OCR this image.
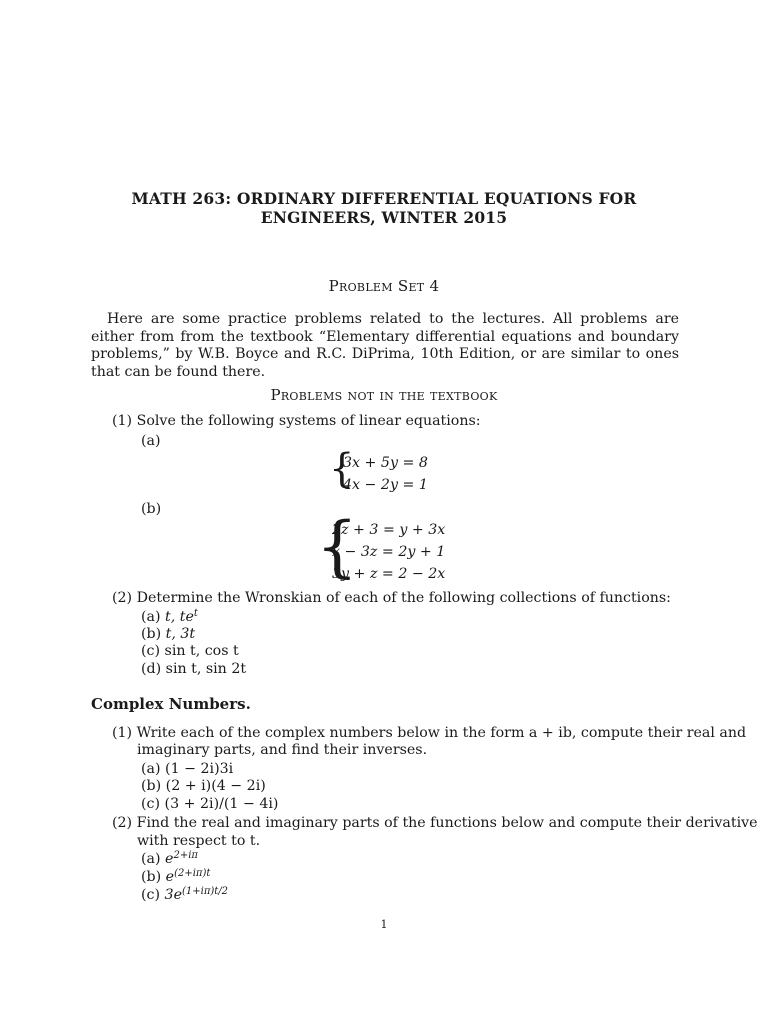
MATH 263: ORDINARY DIFFERENTIAL EQUATIONS FOR
ENGINEERS, WINTER 2015
Problem Set 4
Here are some practice problems related to the lectures. All problems are either from from the textbook “Elementary differential equations and boundary problems,” by W.B. Boyce and R.C. DiPrima, 10th Edition, or are similar to ones that can be found there.
Problems not in the textbook
(1) Solve the following systems of linear equations:
(a)
{
3x + 5y = 8
4x − 2y = 1
(b) {
2z + 3 = y + 3x
x − 3z = 2y + 1
3y + z = 2 − 2x
(2) Determine the Wronskian of each of the following collections of functions:
(a) t, $te^t$
(b) t, 3t
(c) sin t, cos t
(d) sin t, sin 2t
Complex Numbers.
(1) Write each of the complex numbers below in the form a + ib, compute their real and
imaginary parts, and find their inverses.
(a) (1 − 2i)3i
(b) (2 + i)(4 − 2i)
(c) (3 + 2i)/(1 − 4i)
(2) Find the real and imaginary parts of the functions below and compute their derivative
with respect to t.
(a) $e^{2+i\pi}$
(b) $e^{(2+i\pi)t}$
(c) $3e^{(1+i\pi)t/2}$
1
